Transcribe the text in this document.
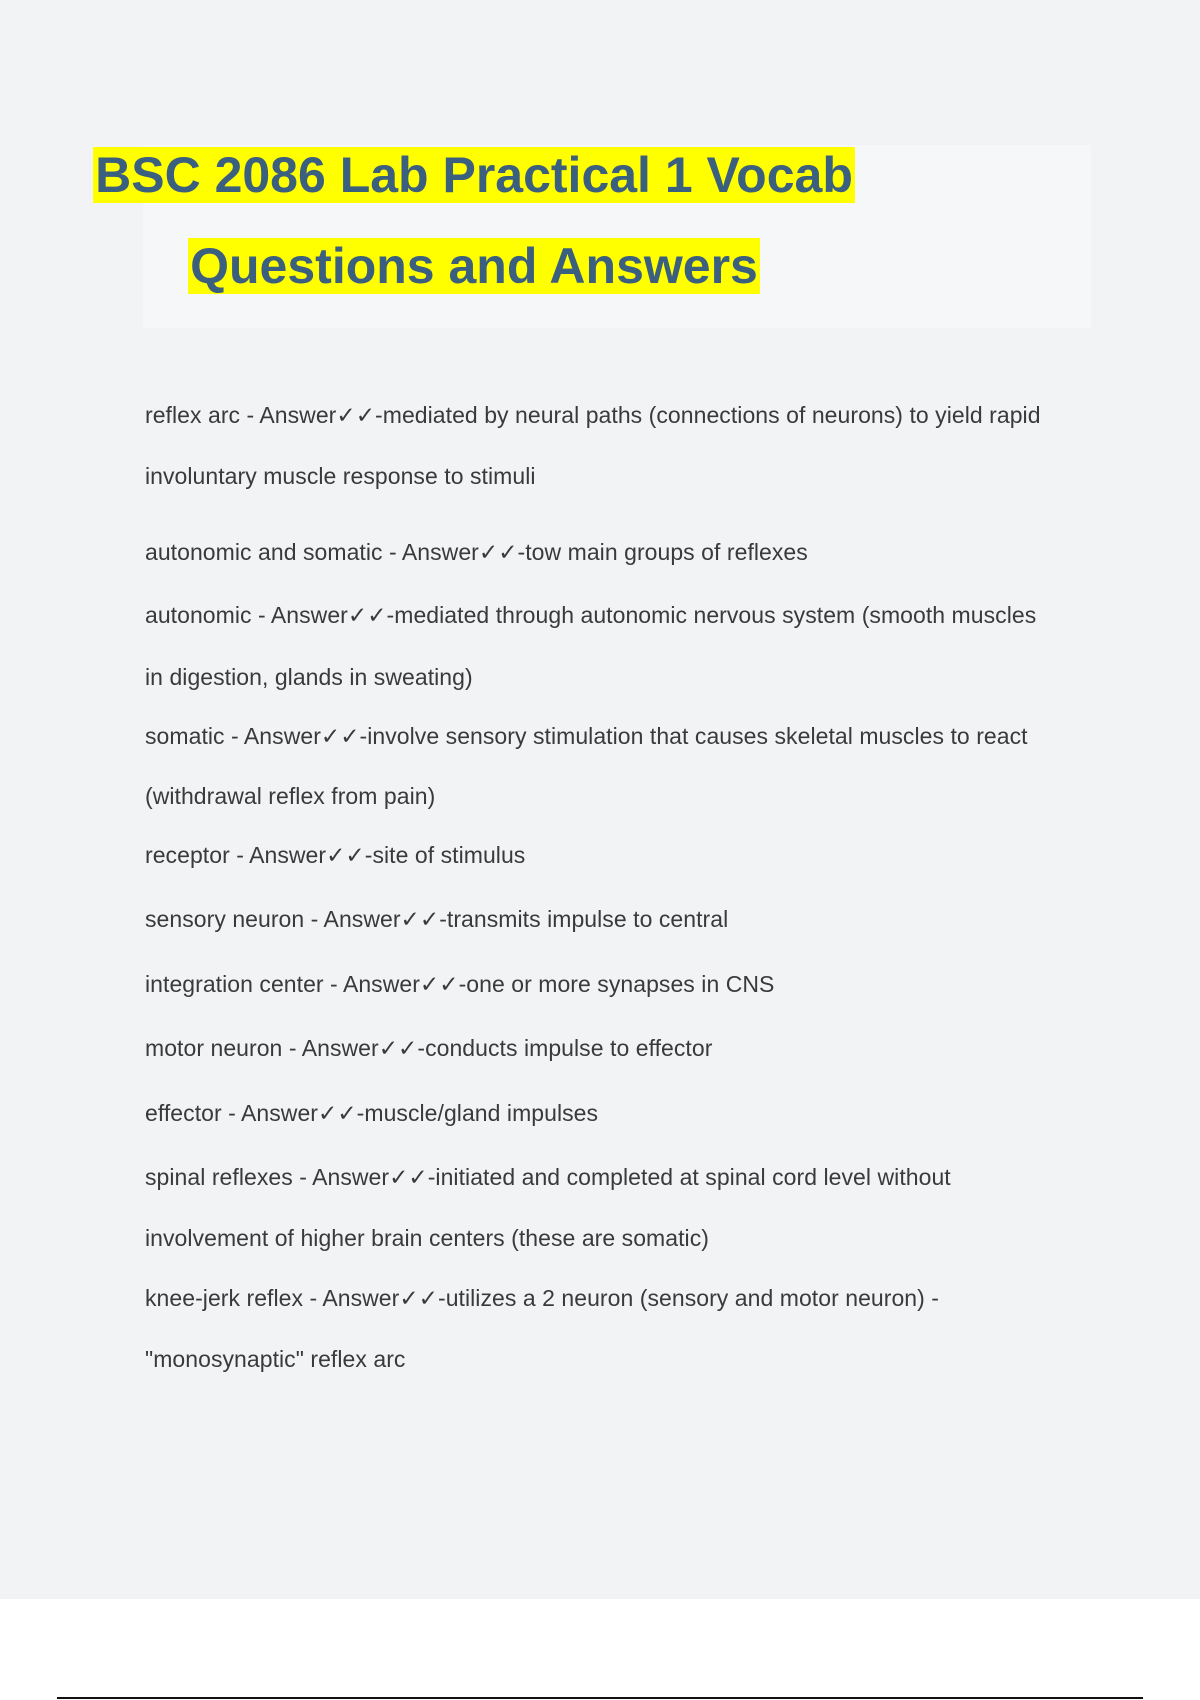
BSC 2086 Lab Practical 1 Vocab
Questions and Answers
reflex arc - Answer✓✓-mediated by neural paths (connections of neurons) to yield rapid
involuntary muscle response to stimuli
autonomic and somatic - Answer✓✓-tow main groups of reflexes
autonomic - Answer✓✓-mediated through autonomic nervous system (smooth muscles
in digestion, glands in sweating)
somatic - Answer✓✓-involve sensory stimulation that causes skeletal muscles to react
(withdrawal reflex from pain)
receptor - Answer✓✓-site of stimulus
sensory neuron - Answer✓✓-transmits impulse to central
integration center - Answer✓✓-one or more synapses in CNS
motor neuron - Answer✓✓-conducts impulse to effector
effector - Answer✓✓-muscle/gland impulses
spinal reflexes - Answer✓✓-initiated and completed at spinal cord level without
involvement of higher brain centers (these are somatic)
knee-jerk reflex - Answer✓✓-utilizes a 2 neuron (sensory and motor neuron) -
"monosynaptic" reflex arc
